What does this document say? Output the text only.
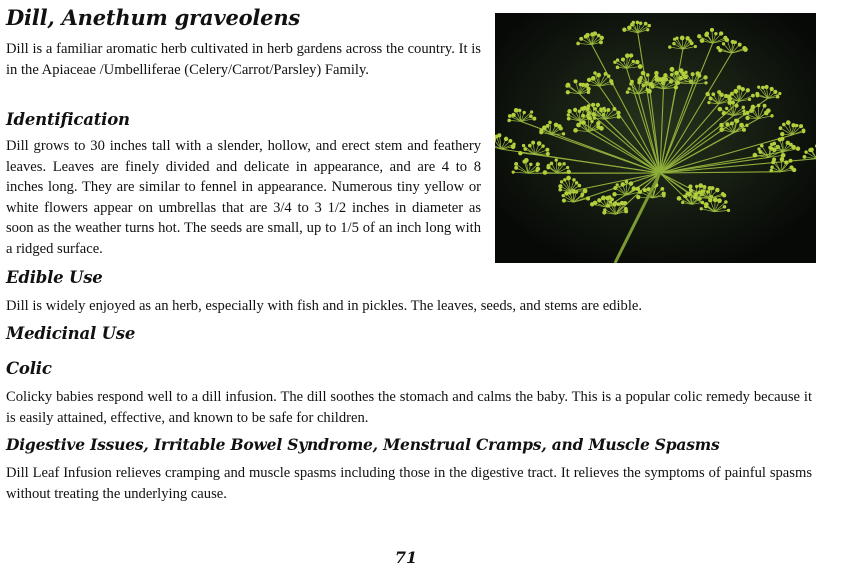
Dill, Anethum graveolens

Dill is a familiar aromatic herb cultivated in herb gardens across the country. It is in the Apiaceae /Umbelliferae (Celery/Carrot/Parsley) Family.

Identification

Dill grows to 30 inches tall with a slender, hollow, and erect stem and feathery leaves. Leaves are finely divided and delicate in appearance, and are 4 to 8 inches long. They are similar to fennel in appearance. Numerous tiny yellow or white flowers appear on umbrellas that are 3/4 to 3 1/2 inches in diameter as soon as the weather turns hot. The seeds are small, up to 1/5 of an inch long with a ridged surface.

Edible Use

Dill is widely enjoyed as an herb, especially with fish and in pickles. The leaves, seeds, and stems are edible.

Medicinal Use
Colic

Colicky babies respond well to a dill infusion. The dill soothes the stomach and calms the baby. This is a popular colic remedy because it is easily attained, effective, and known to be safe for children.

Digestive Issues, Irritable Bowel Syndrome, Menstrual Cramps, and Muscle Spasms

Dill Leaf Infusion relieves cramping and muscle spasms including those in the digestive tract. It relieves the symptoms of painful spasms without treating the underlying cause.

71
